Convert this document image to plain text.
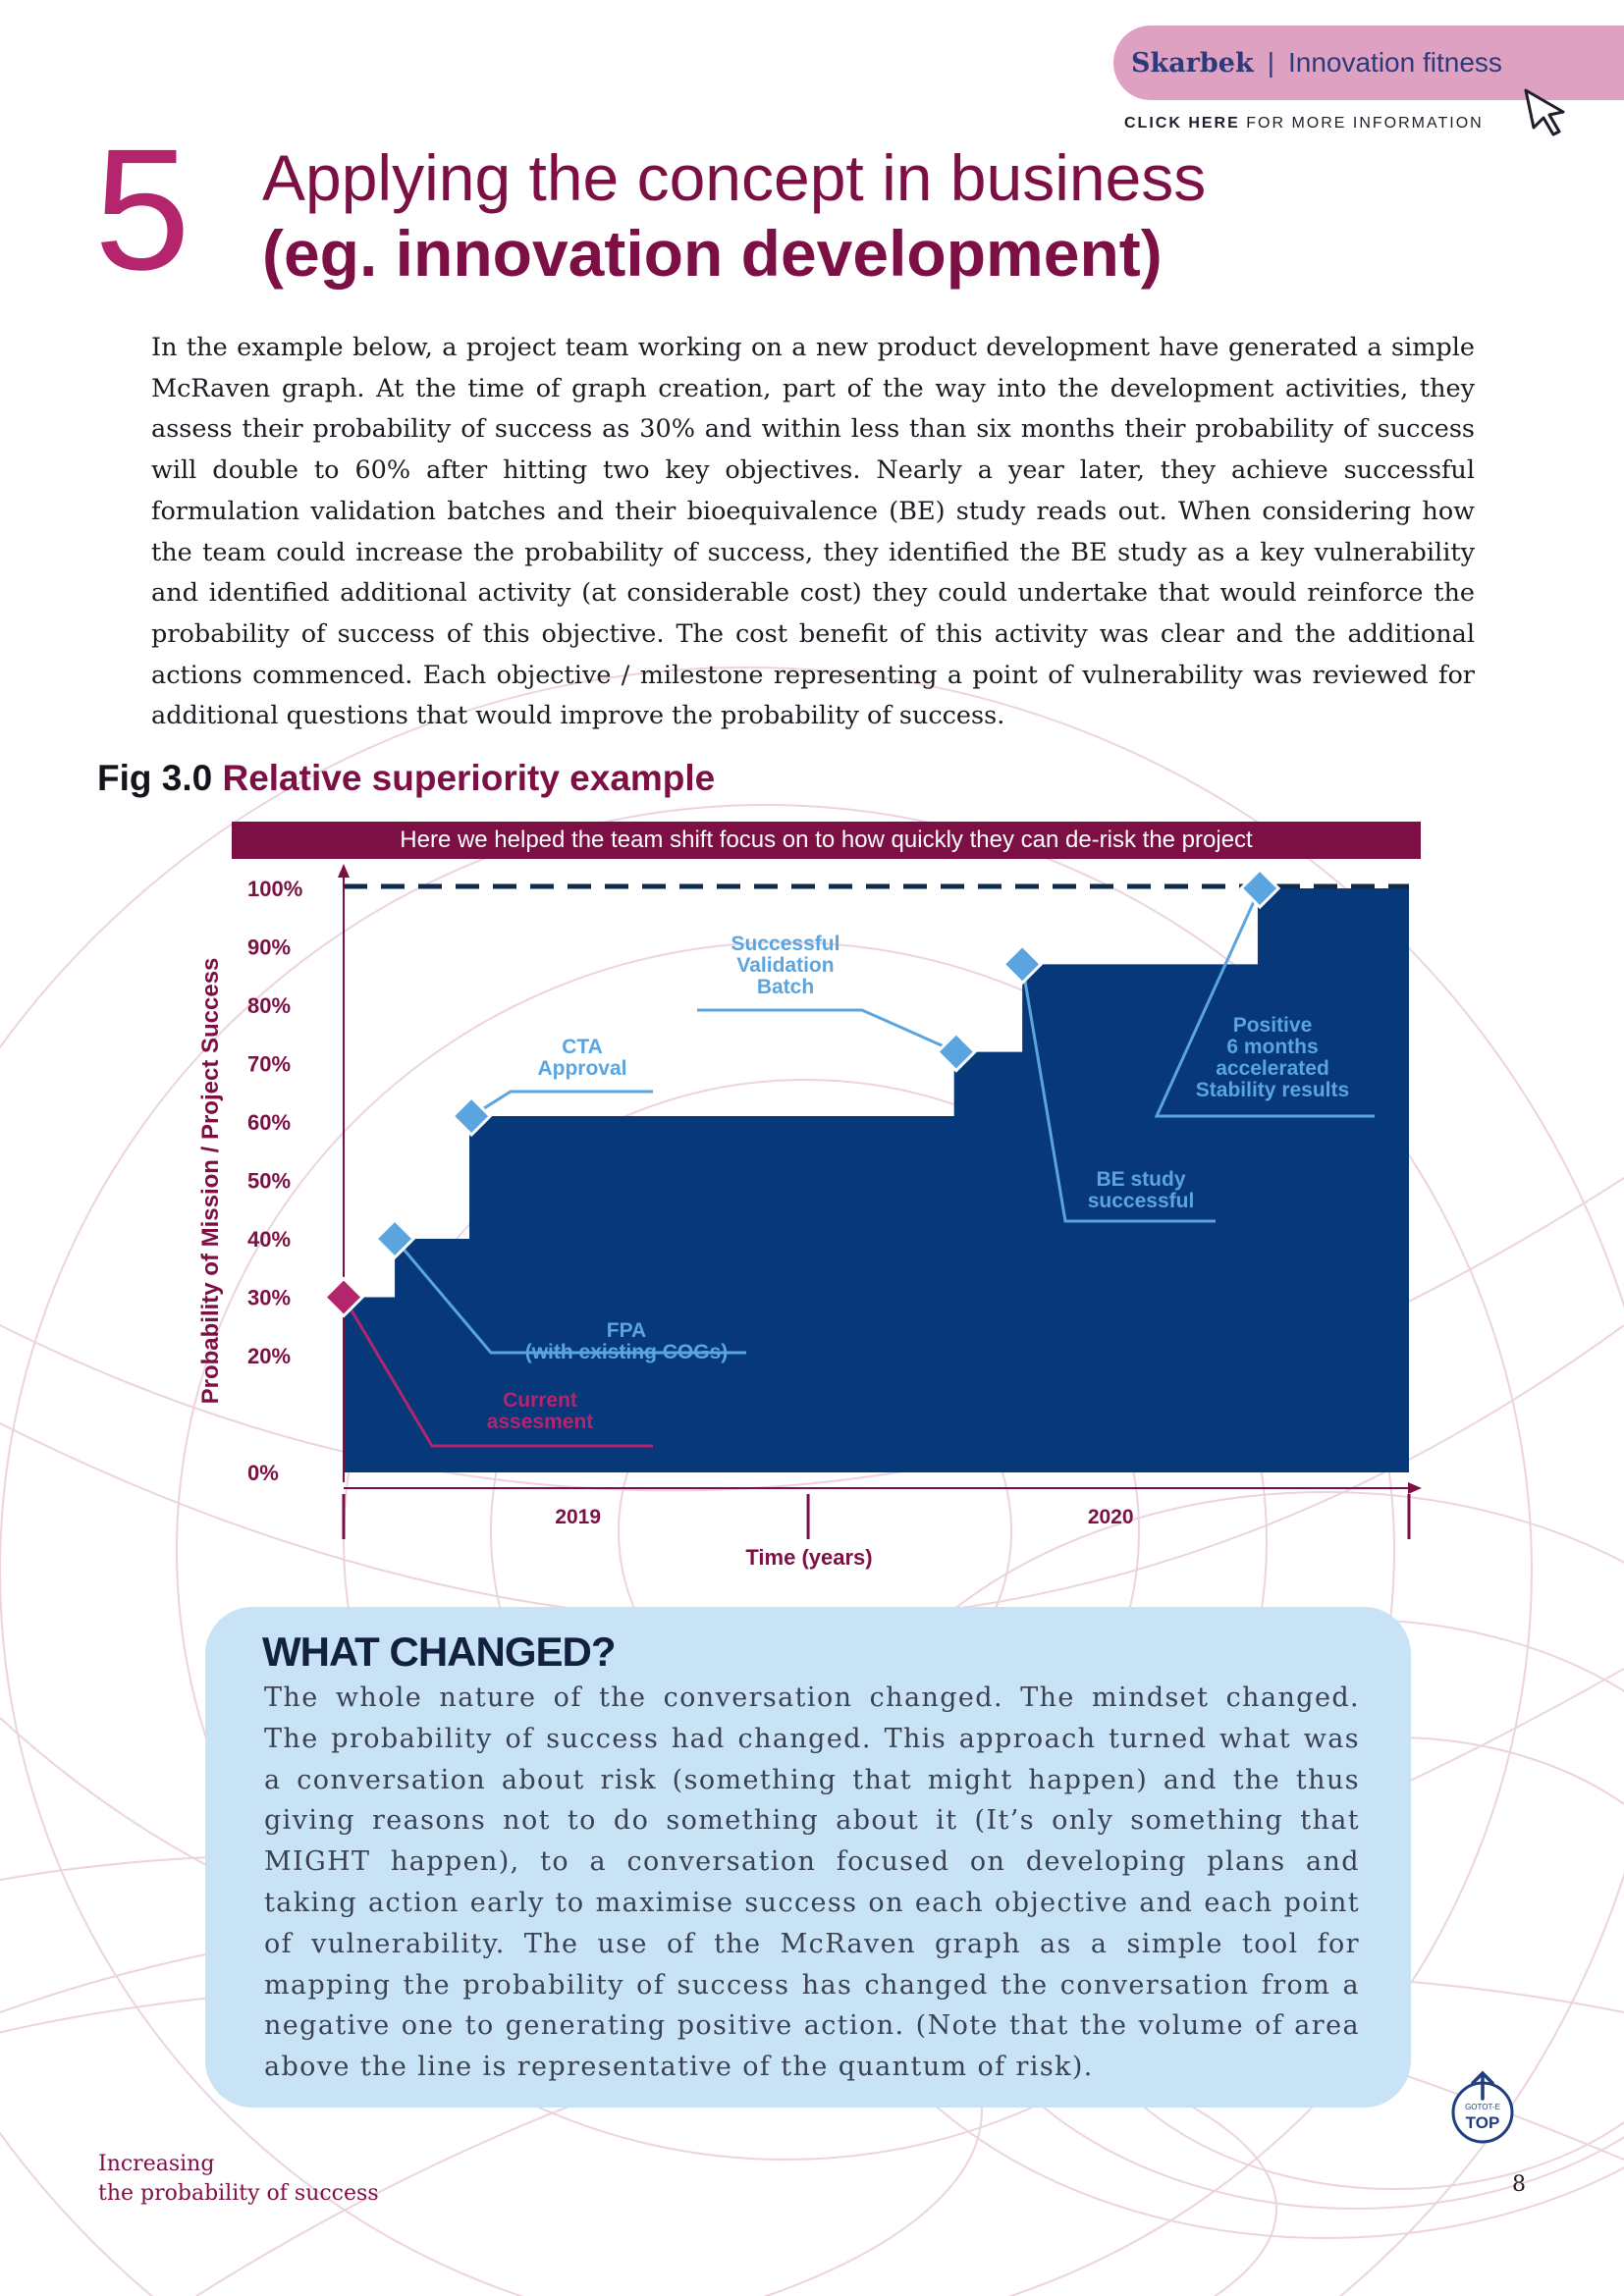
Skarbek | Innovation fitness
CLICK HERE FOR MORE INFORMATION
5 Applying the concept in business
(eg. innovation development)
In the example below, a project team working on a new product development have generated a simple McRaven graph. At the time of graph creation, part of the way into the development activities, they assess their probability of success as 30% and within less than six months their probability of success will double to 60% after hitting two key objectives. Nearly a year later, they achieve successful formulation validation batches and their bioequivalence (BE) study reads out. When considering how the team could increase the probability of success, they identified the BE study as a key vulnerability and identified additional activity (at considerable cost) they could undertake that would reinforce the probability of success of this objective. The cost benefit of this activity was clear and the additional actions commenced. Each objective / milestone representing a point of vulnerability was reviewed for additional questions that would improve the probability of success.
Fig 3.0 Relative superiority example
Here we helped the team shift focus on to how quickly they can de-risk the project
0%
20%
30%
40%
50%
60%
70%
80%
90%
100%
Probability of Mission / Project Success
2019	2020
Time (years)
Current
assesment
FPA
(with existing COGs)
CTA
Approval
Successful
Validation
Batch
BE study
successful
Positive
6 months
accelerated
Stability results
WHAT CHANGED?
The whole nature of the conversation changed. The mindset changed. The probability of success had changed. This approach turned what was a conversation about risk (something that might happen) and the thus giving reasons not to do something about it (It’s only something that MIGHT happen), to a conversation focused on developing plans and taking action early to maximise success on each objective and each point of vulnerability. The use of the McRaven graph as a simple tool for mapping the probability of success has changed the conversation from a negative one to generating positive action. (Note that the volume of area above the line is representative of the quantum of risk).
Increasing
the probability of success	8
GOTOT-E
TOP
